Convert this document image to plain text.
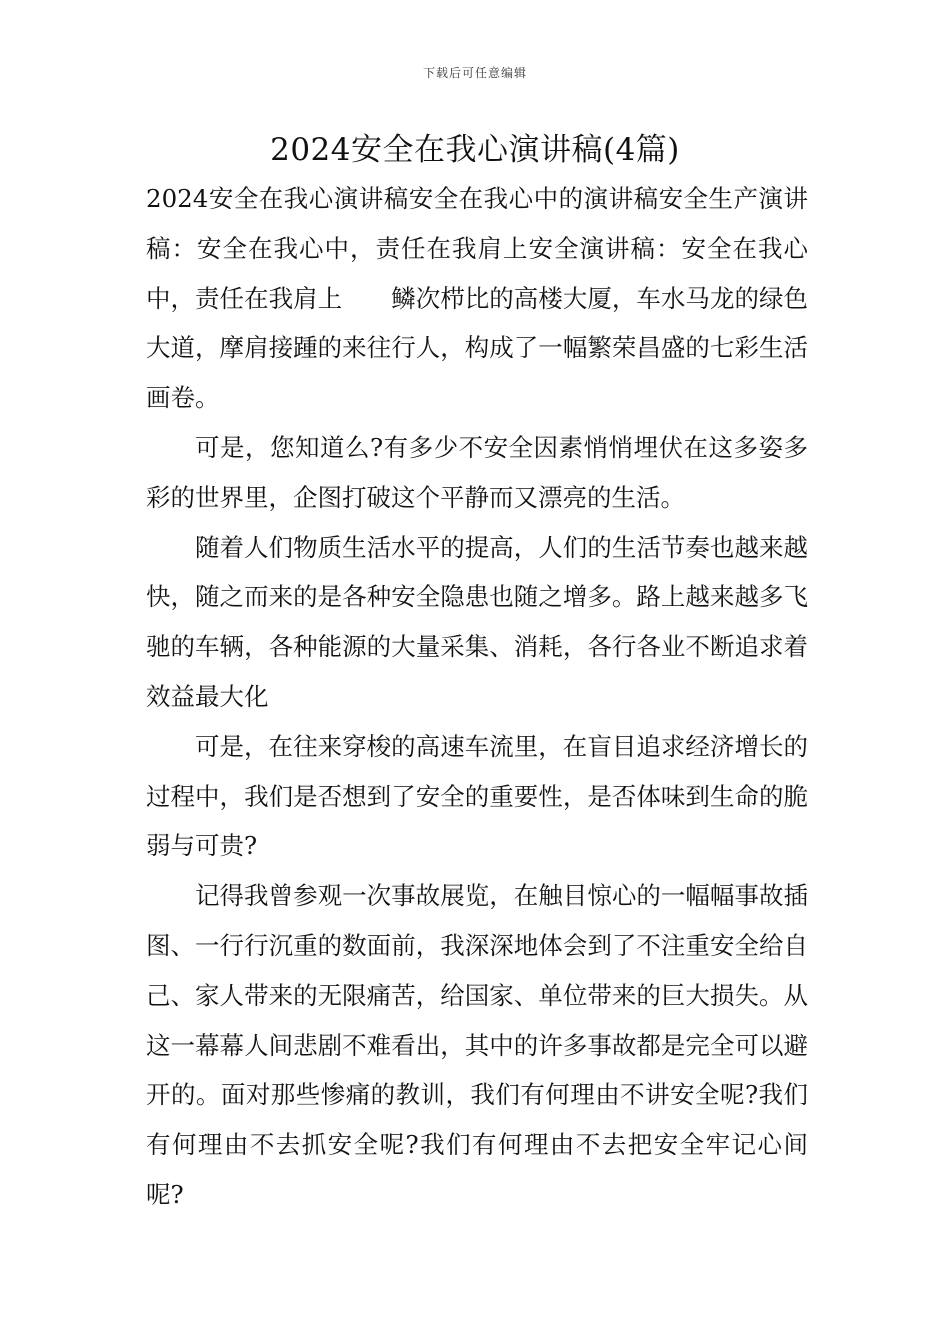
下载后可任意编辑
2024安全在我心演讲稿(4篇)

2024安全在我心演讲稿安全在我心中的演讲稿安全生产演讲稿：安全在我心中，责任在我肩上安全演讲稿：安全在我心中，责任在我肩上　　鳞次栉比的高楼大厦，车水马龙的绿色大道，摩肩接踵的来往行人，构成了一幅繁荣昌盛的七彩生活画卷。

可是，您知道么?有多少不安全因素悄悄埋伏在这多姿多彩的世界里，企图打破这个平静而又漂亮的生活。

随着人们物质生活水平的提高，人们的生活节奏也越来越快，随之而来的是各种安全隐患也随之增多。路上越来越多飞驰的车辆，各种能源的大量采集、消耗，各行各业不断追求着效益最大化

可是，在往来穿梭的高速车流里，在盲目追求经济增长的过程中，我们是否想到了安全的重要性，是否体味到生命的脆弱与可贵?

记得我曾参观一次事故展览，在触目惊心的一幅幅事故插图、一行行沉重的数面前，我深深地体会到了不注重安全给自己、家人带来的无限痛苦，给国家、单位带来的巨大损失。从这一幕幕人间悲剧不难看出，其中的许多事故都是完全可以避开的。面对那些惨痛的教训，我们有何理由不讲安全呢?我们有何理由不去抓安全呢?我们有何理由不去把安全牢记心间呢?
